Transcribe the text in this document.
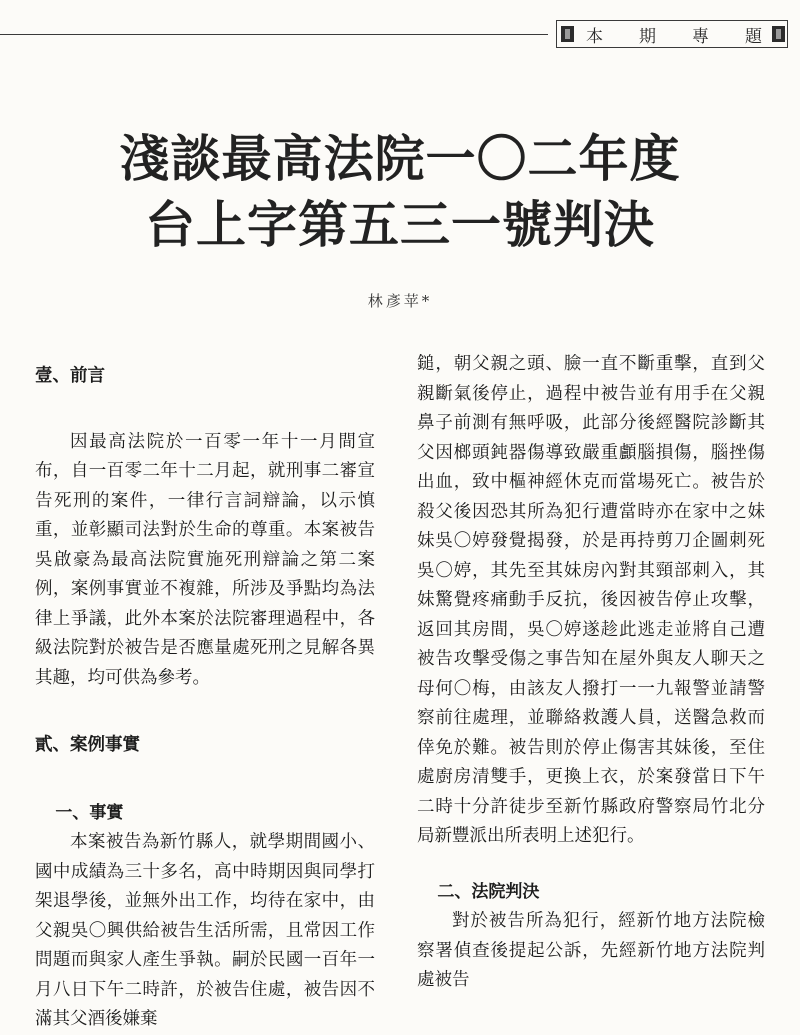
本 期 專 題
淺談最高法院一〇二年度
台上字第五三一號判決
林彥苹*

壹、前言

因最高法院於一百零一年十一月間宣布，自一百零二年十二月起，就刑事二審宣告死刑的案件，一律行言詞辯論，以示慎重，並彰顯司法對於生命的尊重。本案被告吳啟豪為最高法院實施死刑辯論之第二案例，案例事實並不複雜，所涉及爭點均為法律上爭議，此外本案於法院審理過程中，各級法院對於被告是否應量處死刑之見解各異其趣，均可供為參考。

貳、案例事實

一、事實

本案被告為新竹縣人，就學期間國小、國中成績為三十多名，高中時期因與同學打架退學後，並無外出工作，均待在家中，由父親吳〇興供給被告生活所需，且常因工作問題而與家人產生爭執。嗣於民國一百年一月八日下午二時許，於被告住處，被告因不滿其父酒後嫌棄

鎚，朝父親之頭、臉一直不斷重擊，直到父親斷氣後停止，過程中被告並有用手在父親鼻子前測有無呼吸，此部分後經醫院診斷其父因榔頭鈍器傷導致嚴重顱腦損傷，腦挫傷出血，致中樞神經休克而當場死亡。被告於殺父後因恐其所為犯行遭當時亦在家中之妹妹吳〇婷發覺揭發，於是再持剪刀企圖刺死吳〇婷，其先至其妹房內對其頸部刺入，其妹驚覺疼痛動手反抗，後因被告停止攻擊，返回其房間，吳〇婷遂趁此逃走並將自己遭被告攻擊受傷之事告知在屋外與友人聊天之母何〇梅，由該友人撥打一一九報警並請警察前往處理，並聯絡救護人員，送醫急救而倖免於難。被告則於停止傷害其妹後，至住處廚房清雙手，更換上衣，於案發當日下午二時十分許徒步至新竹縣政府警察局竹北分局新豐派出所表明上述犯行。

二、法院判決

對於被告所為犯行，經新竹地方法院檢察署偵查後提起公訴，先經新竹地方法院判處被告
